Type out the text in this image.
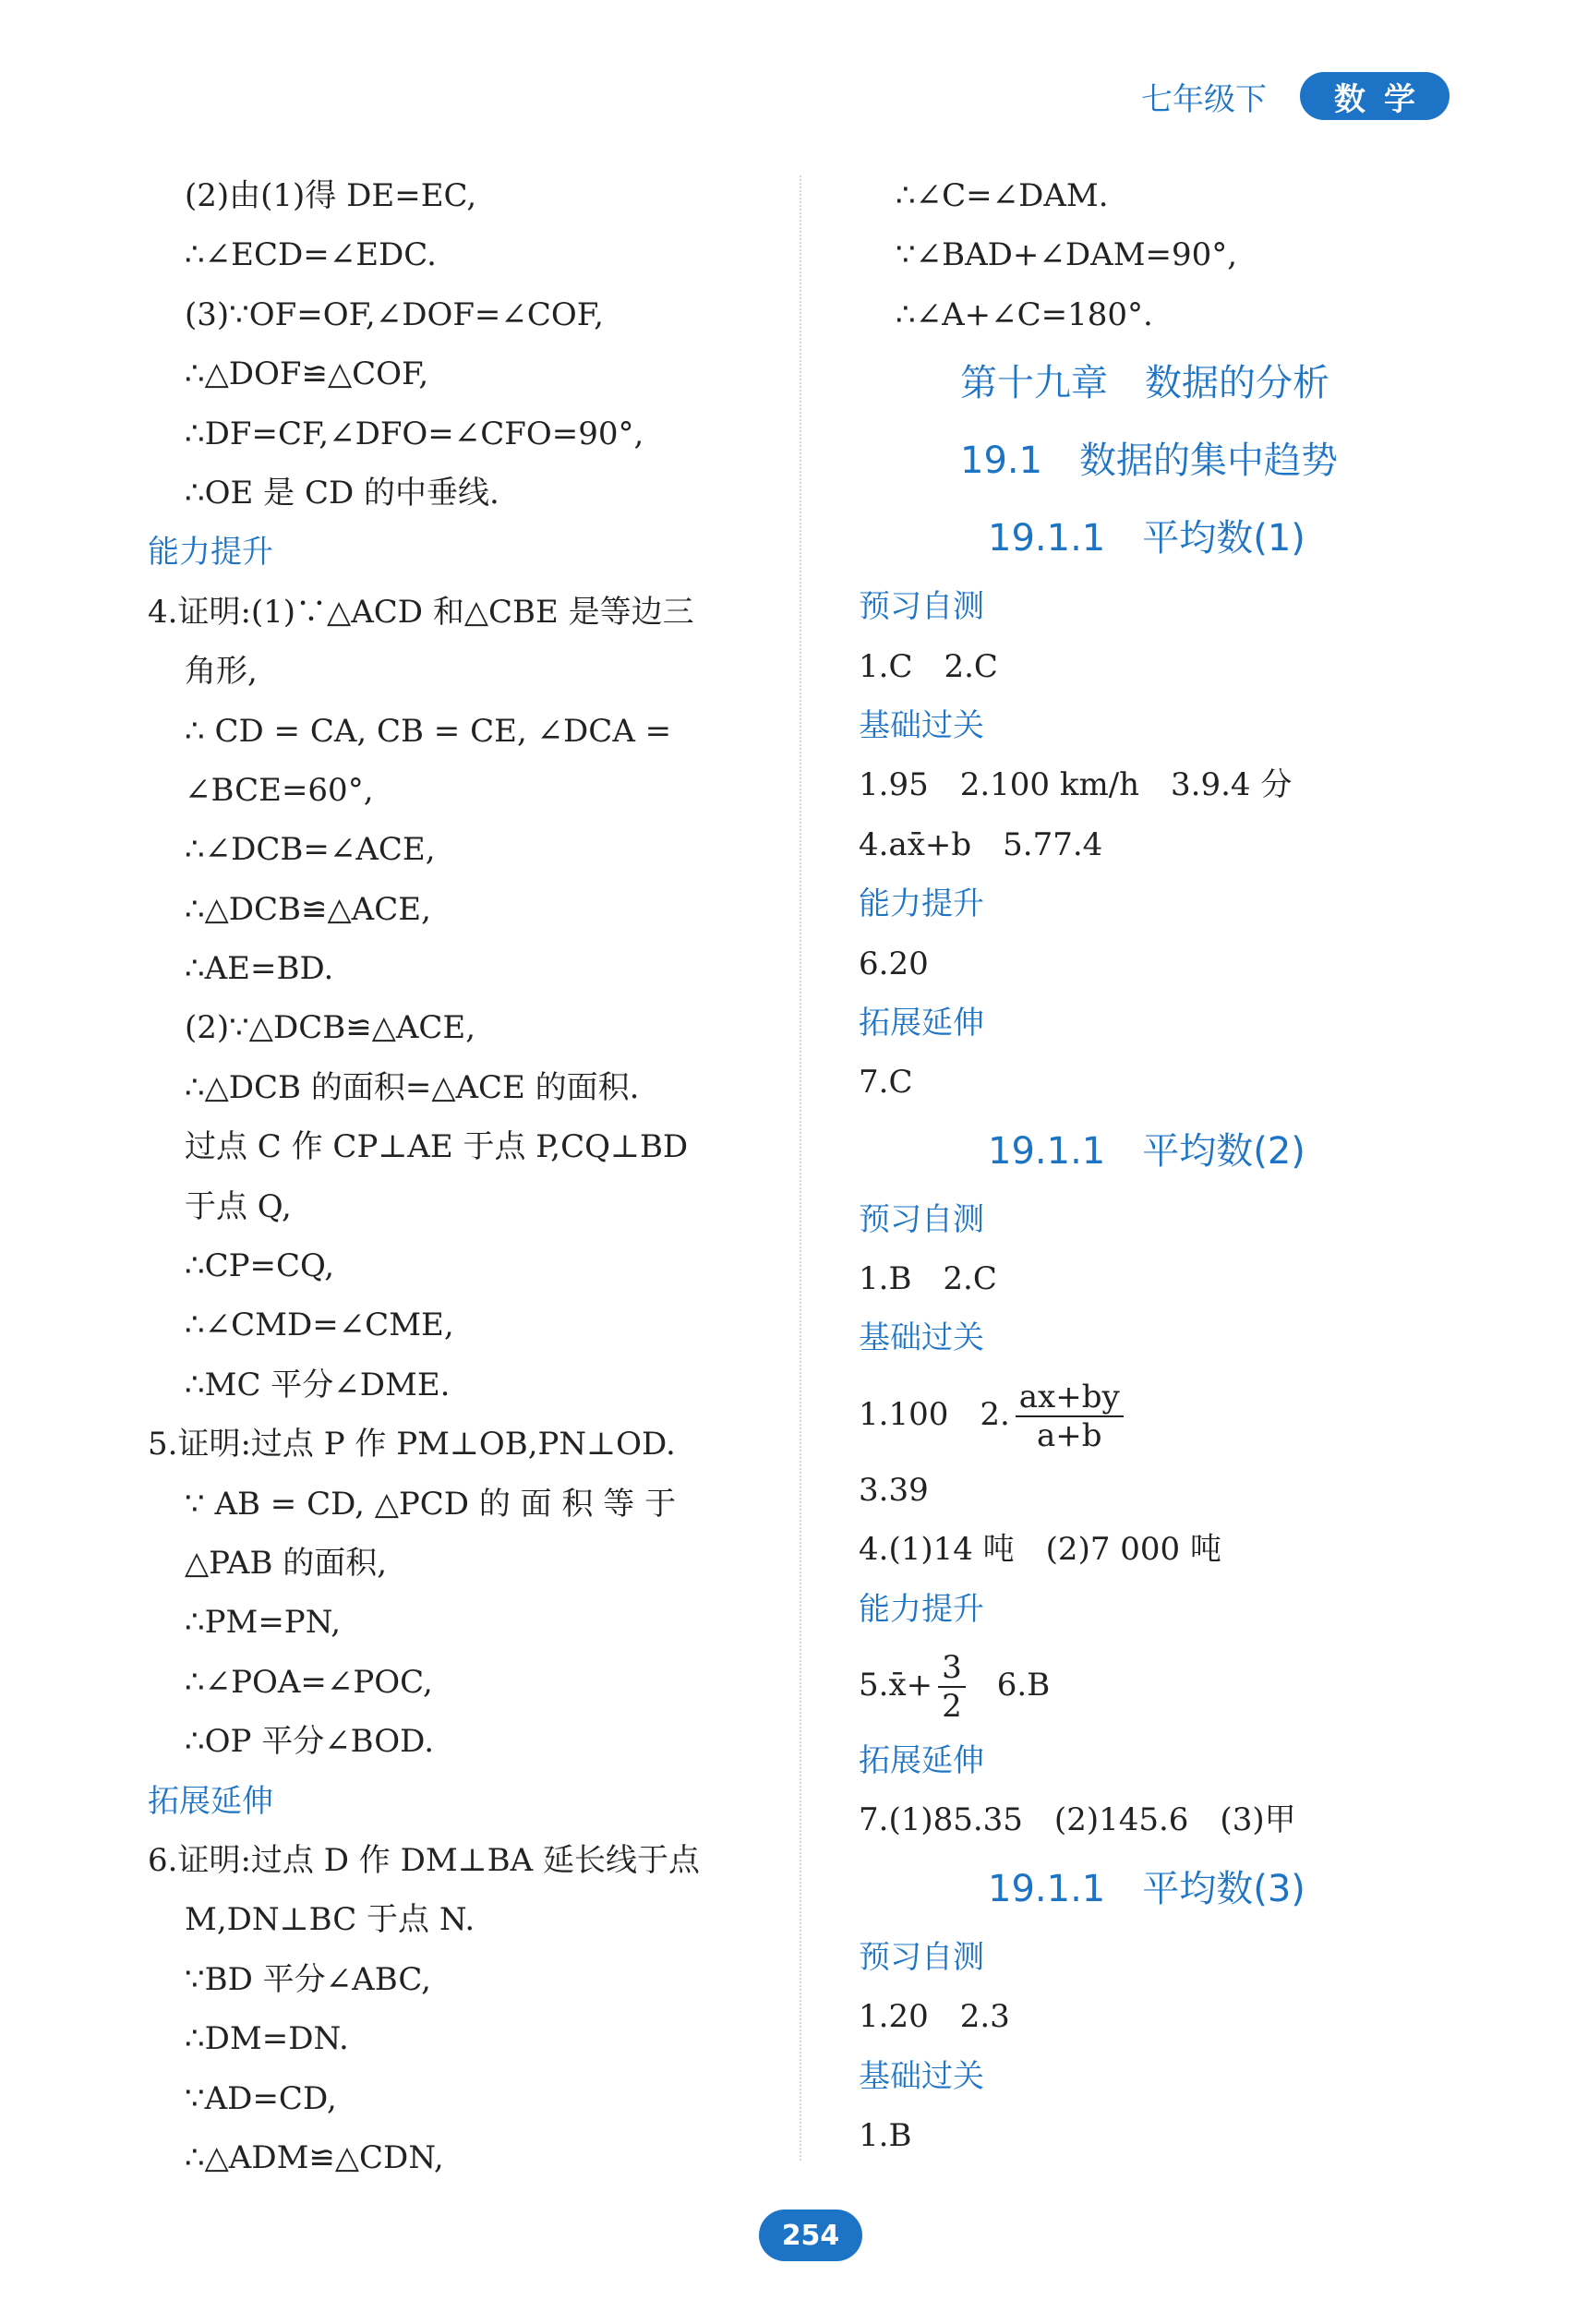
七年级下	数学
(2)由(1)得 DE=EC,
∴∠ECD=∠EDC.
(3)∵OF=OF,∠DOF=∠COF,
∴△DOF≌△COF,
∴DF=CF,∠DFO=∠CFO=90°,
∴OE 是 CD 的中垂线.
能力提升
4.证明:(1)∵△ACD 和△CBE 是等边三
角形,
∴ CD = CA, CB = CE, ∠DCA =
∠BCE=60°,
∴∠DCB=∠ACE,
∴△DCB≌△ACE,
∴AE=BD.
(2)∵△DCB≌△ACE,
∴△DCB 的面积=△ACE 的面积.
过点 C 作 CP⊥AE 于点 P,CQ⊥BD
于点 Q,
∴CP=CQ,
∴∠CMD=∠CME,
∴MC 平分∠DME.
5.证明:过点 P 作 PM⊥OB,PN⊥OD.
∵ AB = CD, △PCD 的 面 积 等 于
△PAB 的面积,
∴PM=PN,
∴∠POA=∠POC,
∴OP 平分∠BOD.
拓展延伸
6.证明:过点 D 作 DM⊥BA 延长线于点
M,DN⊥BC 于点 N.
∵BD 平分∠ABC,
∴DM=DN.
∵AD=CD,
∴△ADM≌△CDN,
∴∠C=∠DAM.
∵∠BAD+∠DAM=90°,
∴∠A+∠C=180°.
第十九章　数据的分析
19.1　数据的集中趋势
19.1.1　平均数(1)
预习自测
1.C　2.C
基础过关
1.95　2.100 km/h　3.9.4 分
4.ax̄+b　5.77.4
能力提升
6.20
拓展延伸
7.C
19.1.1　平均数(2)
预习自测
1.B　2.C
基础过关
1.100　2. $\frac{ax+by}{a+b}$
3.39
4.(1)14 吨　(2)7 000 吨
能力提升
5.x̄+ $\frac{3}{2}$ 　6.B
拓展延伸
7.(1)85.35　(2)145.6　(3)甲
19.1.1　平均数(3)
预习自测
1.20　2.3
基础过关
1.B
254
